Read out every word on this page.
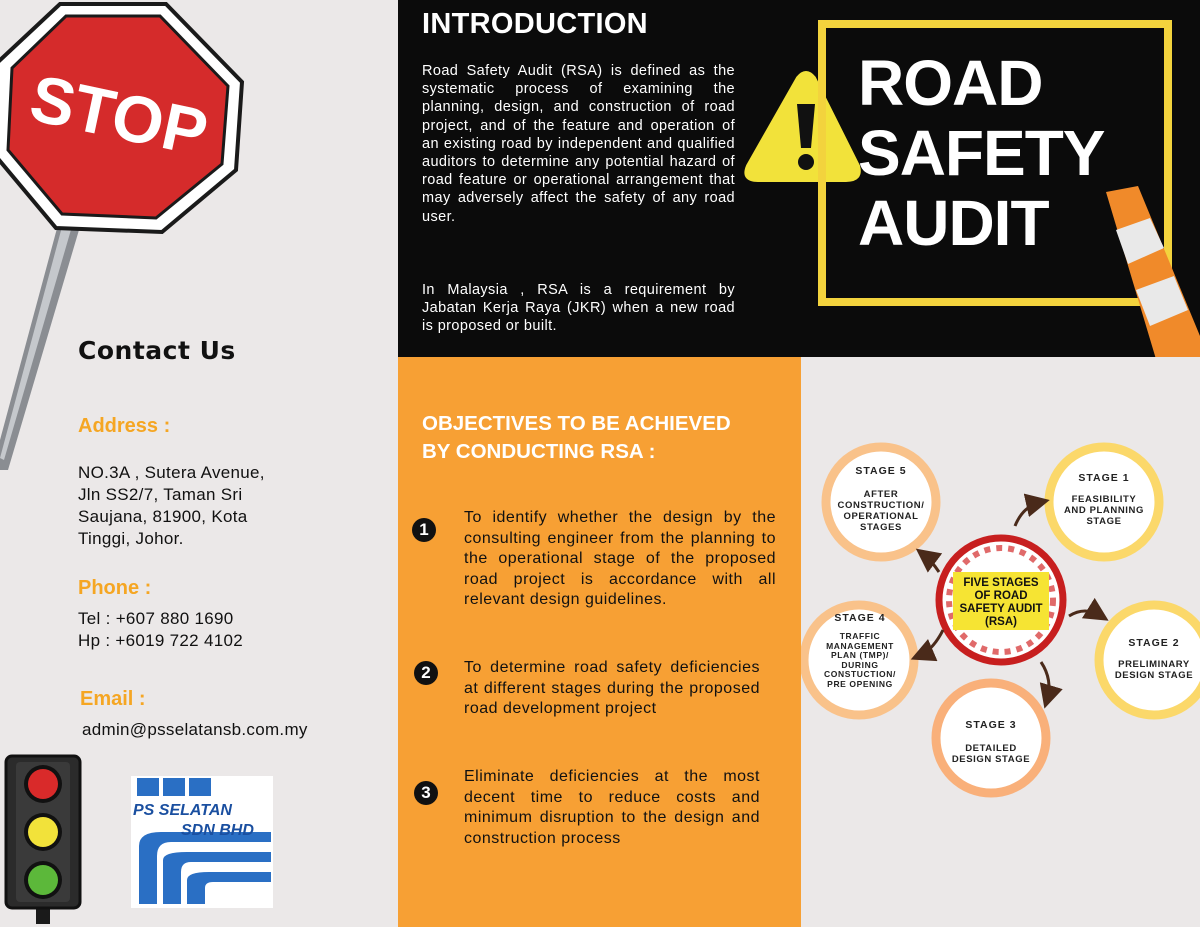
STOP
Contact Us
Address :
NO.3A , Sutera Avenue,
Jln SS2/7, Taman Sri
Saujana, 81900, Kota
Tinggi, Johor.
Phone :
Tel : +607 880 1690
Hp : +6019 722 4102
Email :
admin@psselatansb.com.my
PS SELATAN
SDN BHD
INTRODUCTION
Road Safety Audit (RSA) is defined as the systematic process of examining the planning, design, and construction of road project, and of the feature and operation of an existing road by independent and qualified auditors to determine any potential hazard of road feature or operational arrangement that may adversely affect the safety of any road user.
In Malaysia , RSA is a requirement by Jabatan Kerja Raya (JKR) when a new road is proposed or built.
ROAD
SAFETY
AUDIT
OBJECTIVES TO BE ACHIEVED
BY CONDUCTING RSA :
1
To identify whether the design by the consulting engineer from the planning to the operational stage of the proposed road project is accordance with all relevant design guidelines.
2	To determine road safety deficiencies at different stages during the proposed road development project
3
Eliminate deficiencies at the most decent time to reduce costs and minimum disruption to the design and construction process
FIVE STAGES
OF ROAD
SAFETY AUDIT
(RSA)
STAGE 5
AFTER
CONSTRUCTION/
OPERATIONAL
STAGES
STAGE 1
FEASIBILITY
AND PLANNING
STAGE
STAGE 2
PRELIMINARY
DESIGN STAGE
STAGE 3
DETAILED
DESIGN STAGE
STAGE 4
TRAFFIC
MANAGEMENT
PLAN (TMP)/
DURING
CONSTUCTION/
PRE OPENING
